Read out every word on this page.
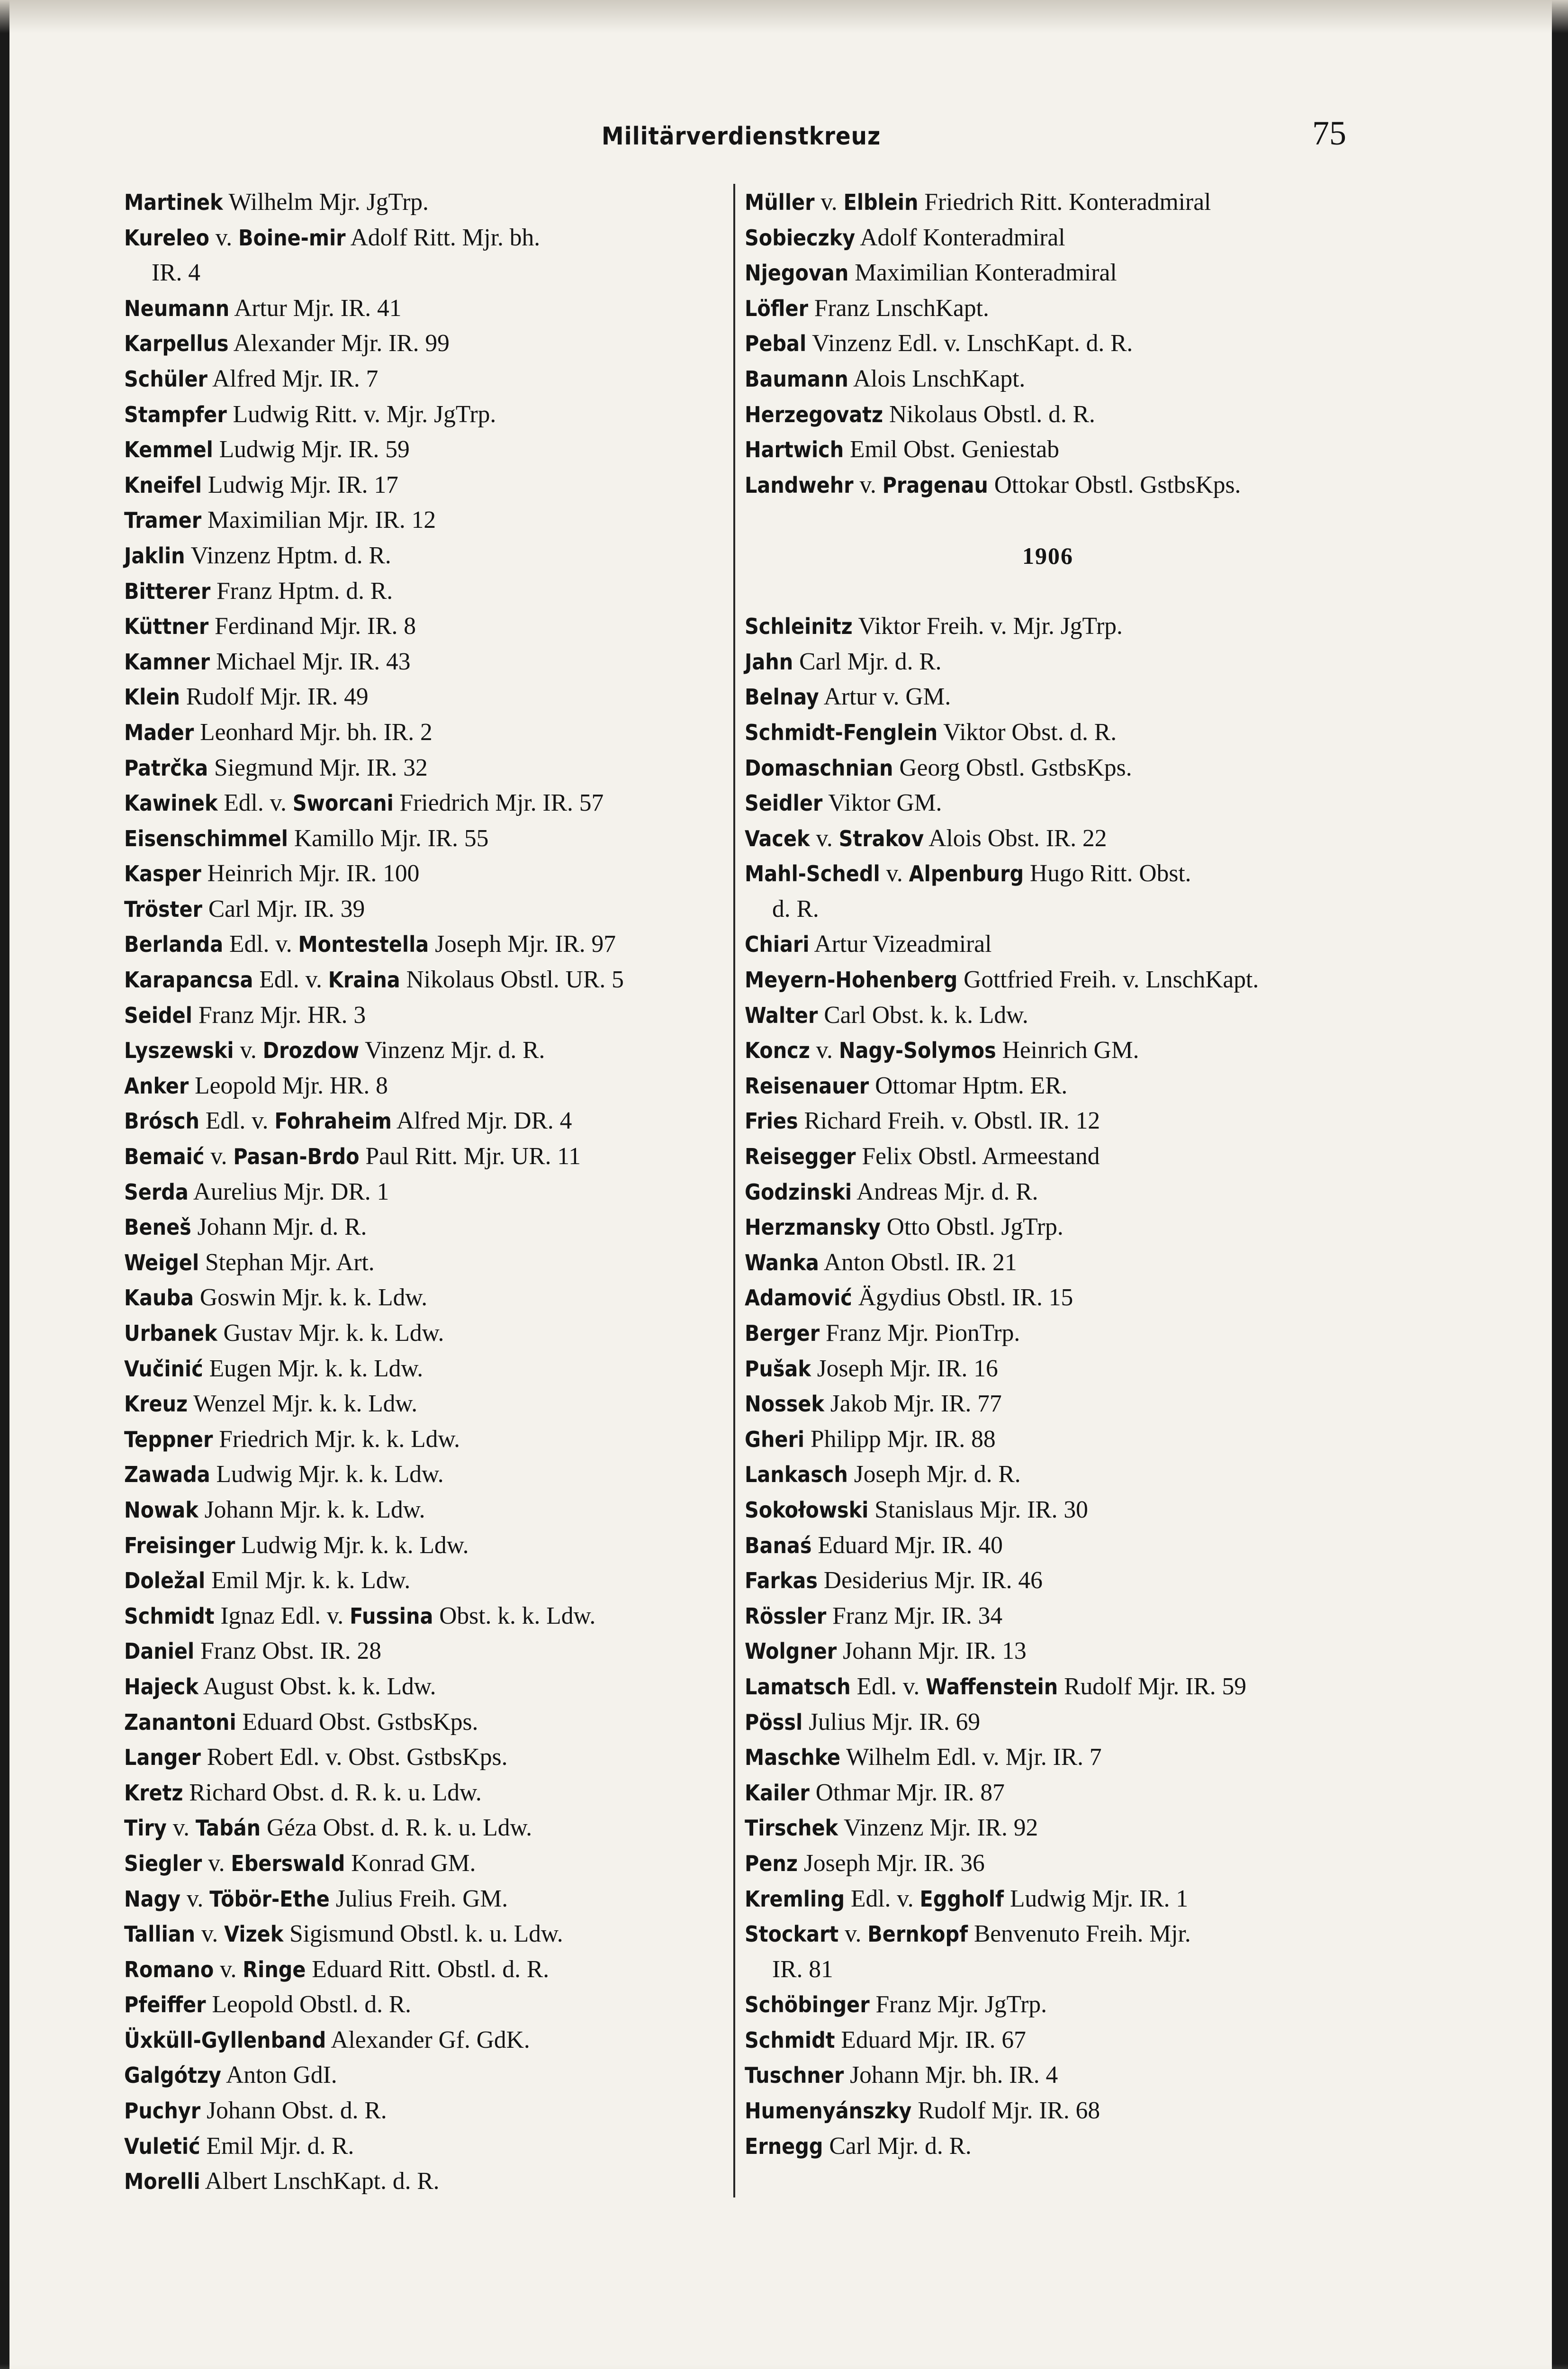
Militärverdienstkreuz	75
Martinek Wilhelm Mjr. JgTrp.
Kureleo v. Boine-mir Adolf Ritt. Mjr. bh.
IR. 4
Neumann Artur Mjr. IR. 41
Karpellus Alexander Mjr. IR. 99
Schüler Alfred Mjr. IR. 7
Stampfer Ludwig Ritt. v. Mjr. JgTrp.
Kemmel Ludwig Mjr. IR. 59
Kneifel Ludwig Mjr. IR. 17
Tramer Maximilian Mjr. IR. 12
Jaklin Vinzenz Hptm. d. R.
Bitterer Franz Hptm. d. R.
Küttner Ferdinand Mjr. IR. 8
Kamner Michael Mjr. IR. 43
Klein Rudolf Mjr. IR. 49
Mader Leonhard Mjr. bh. IR. 2
Patrčka Siegmund Mjr. IR. 32
Kawinek Edl. v. Sworcani Friedrich Mjr. IR. 57
Eisenschimmel Kamillo Mjr. IR. 55
Kasper Heinrich Mjr. IR. 100
Tröster Carl Mjr. IR. 39
Berlanda Edl. v. Montestella Joseph Mjr. IR. 97
Karapancsa Edl. v. Kraina Nikolaus Obstl. UR. 5
Seidel Franz Mjr. HR. 3
Lyszewski v. Drozdow Vinzenz Mjr. d. R.
Anker Leopold Mjr. HR. 8
Brósch Edl. v. Fohraheim Alfred Mjr. DR. 4
Bemaić v. Pasan-Brdo Paul Ritt. Mjr. UR. 11
Serda Aurelius Mjr. DR. 1
Beneš Johann Mjr. d. R.
Weigel Stephan Mjr. Art.
Kauba Goswin Mjr. k. k. Ldw.
Urbanek Gustav Mjr. k. k. Ldw.
Vučinić Eugen Mjr. k. k. Ldw.
Kreuz Wenzel Mjr. k. k. Ldw.
Teppner Friedrich Mjr. k. k. Ldw.
Zawada Ludwig Mjr. k. k. Ldw.
Nowak Johann Mjr. k. k. Ldw.
Freisinger Ludwig Mjr. k. k. Ldw.
Doležal Emil Mjr. k. k. Ldw.
Schmidt Ignaz Edl. v. Fussina Obst. k. k. Ldw.
Daniel Franz Obst. IR. 28
Hajeck August Obst. k. k. Ldw.
Zanantoni Eduard Obst. GstbsKps.
Langer Robert Edl. v. Obst. GstbsKps.
Kretz Richard Obst. d. R. k. u. Ldw.
Tiry v. Tabán Géza Obst. d. R. k. u. Ldw.
Siegler v. Eberswald Konrad GM.
Nagy v. Töbör-Ethe Julius Freih. GM.
Tallian v. Vizek Sigismund Obstl. k. u. Ldw.
Romano v. Ringe Eduard Ritt. Obstl. d. R.
Pfeiffer Leopold Obstl. d. R.
Üxküll-Gyllenband Alexander Gf. GdK.
Galgótzy Anton GdI.
Puchyr Johann Obst. d. R.
Vuletić Emil Mjr. d. R.
Morelli Albert LnschKapt. d. R.
Müller v. Elblein Friedrich Ritt. Konteradmiral
Sobieczky Adolf Konteradmiral
Njegovan Maximilian Konteradmiral
Löfler Franz LnschKapt.
Pebal Vinzenz Edl. v. LnschKapt. d. R.
Baumann Alois LnschKapt.
Herzegovatz Nikolaus Obstl. d. R.
Hartwich Emil Obst. Geniestab
Landwehr v. Pragenau Ottokar Obstl. GstbsKps.
1906
Schleinitz Viktor Freih. v. Mjr. JgTrp.
Jahn Carl Mjr. d. R.
Belnay Artur v. GM.
Schmidt-Fenglein Viktor Obst. d. R.
Domaschnian Georg Obstl. GstbsKps.
Seidler Viktor GM.
Vacek v. Strakov Alois Obst. IR. 22
Mahl-Schedl v. Alpenburg Hugo Ritt. Obst.
d. R.
Chiari Artur Vizeadmiral
Meyern-Hohenberg Gottfried Freih. v. LnschKapt.
Walter Carl Obst. k. k. Ldw.
Koncz v. Nagy-Solymos Heinrich GM.
Reisenauer Ottomar Hptm. ER.
Fries Richard Freih. v. Obstl. IR. 12
Reisegger Felix Obstl. Armeestand
Godzinski Andreas Mjr. d. R.
Herzmansky Otto Obstl. JgTrp.
Wanka Anton Obstl. IR. 21
Adamović Ägydius Obstl. IR. 15
Berger Franz Mjr. PionTrp.
Pušak Joseph Mjr. IR. 16
Nossek Jakob Mjr. IR. 77
Gheri Philipp Mjr. IR. 88
Lankasch Joseph Mjr. d. R.
Sokołowski Stanislaus Mjr. IR. 30
Banaś Eduard Mjr. IR. 40
Farkas Desiderius Mjr. IR. 46
Rössler Franz Mjr. IR. 34
Wolgner Johann Mjr. IR. 13
Lamatsch Edl. v. Waffenstein Rudolf Mjr. IR. 59
Pössl Julius Mjr. IR. 69
Maschke Wilhelm Edl. v. Mjr. IR. 7
Kailer Othmar Mjr. IR. 87
Tirschek Vinzenz Mjr. IR. 92
Penz Joseph Mjr. IR. 36
Kremling Edl. v. Eggholf Ludwig Mjr. IR. 1
Stockart v. Bernkopf Benvenuto Freih. Mjr.
IR. 81
Schöbinger Franz Mjr. JgTrp.
Schmidt Eduard Mjr. IR. 67
Tuschner Johann Mjr. bh. IR. 4
Humenyánszky Rudolf Mjr. IR. 68
Ernegg Carl Mjr. d. R.
